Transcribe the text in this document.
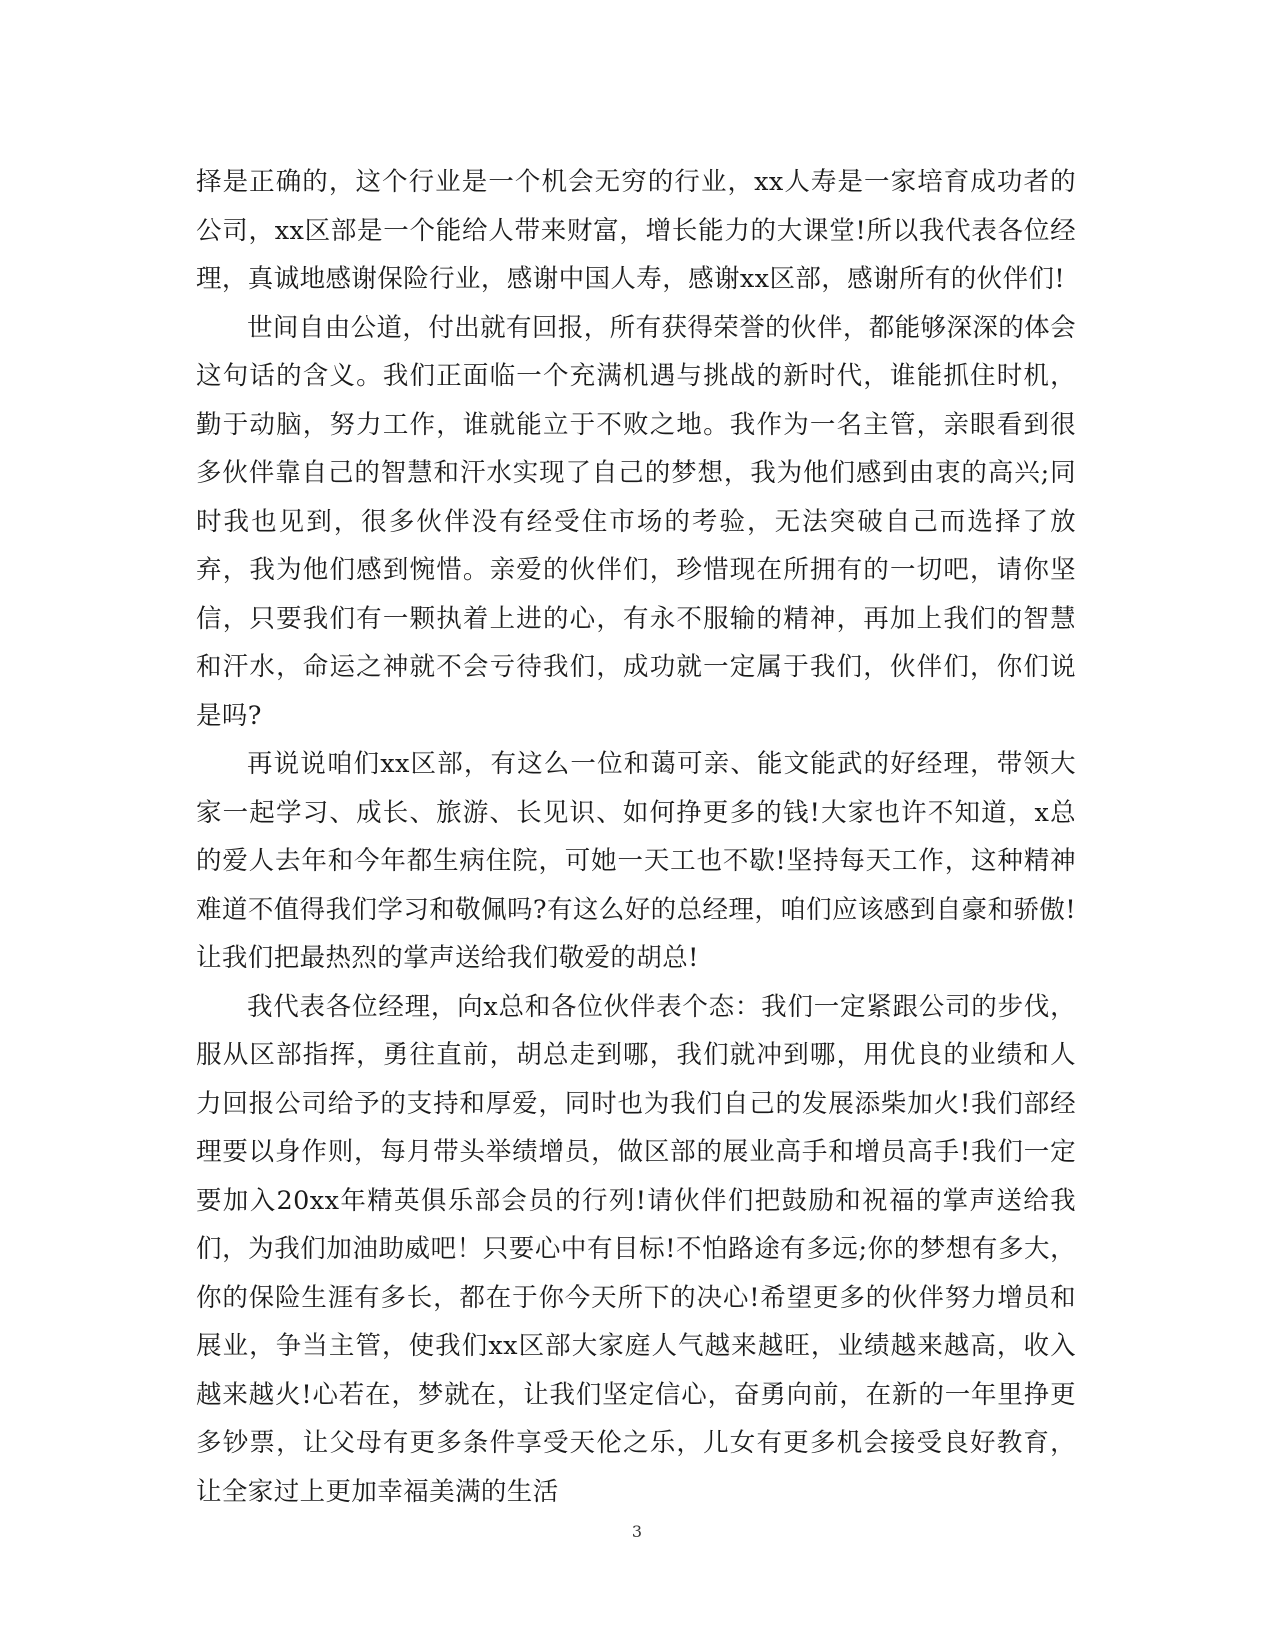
择是正确的，这个行业是一个机会无穷的行业，xx人寿是一家培育成功者的公司，xx区部是一个能给人带来财富，增长能力的大课堂!所以我代表各位经理，真诚地感谢保险行业，感谢中国人寿，感谢xx区部，感谢所有的伙伴们!

世间自由公道，付出就有回报，所有获得荣誉的伙伴，都能够深深的体会这句话的含义。我们正面临一个充满机遇与挑战的新时代，谁能抓住时机，勤于动脑，努力工作，谁就能立于不败之地。我作为一名主管，亲眼看到很多伙伴靠自己的智慧和汗水实现了自己的梦想，我为他们感到由衷的高兴;同时我也见到，很多伙伴没有经受住市场的考验，无法突破自己而选择了放弃，我为他们感到惋惜。亲爱的伙伴们，珍惜现在所拥有的一切吧，请你坚信，只要我们有一颗执着上进的心，有永不服输的精神，再加上我们的智慧和汗水，命运之神就不会亏待我们，成功就一定属于我们，伙伴们，你们说是吗?

再说说咱们xx区部，有这么一位和蔼可亲、能文能武的好经理，带领大家一起学习、成长、旅游、长见识、如何挣更多的钱!大家也许不知道，x总的爱人去年和今年都生病住院，可她一天工也不歇!坚持每天工作，这种精神难道不值得我们学习和敬佩吗?有这么好的总经理，咱们应该感到自豪和骄傲!让我们把最热烈的掌声送给我们敬爱的胡总!

我代表各位经理，向x总和各位伙伴表个态：我们一定紧跟公司的步伐，服从区部指挥，勇往直前，胡总走到哪，我们就冲到哪，用优良的业绩和人力回报公司给予的支持和厚爱，同时也为我们自己的发展添柴加火!我们部经理要以身作则，每月带头举绩增员，做区部的展业高手和增员高手!我们一定要加入20xx年精英俱乐部会员的行列!请伙伴们把鼓励和祝福的掌声送给我们，为我们加油助威吧！只要心中有目标!不怕路途有多远;你的梦想有多大，你的保险生涯有多长，都在于你今天所下的决心!希望更多的伙伴努力增员和展业，争当主管，使我们xx区部大家庭人气越来越旺，业绩越来越高，收入越来越火!心若在，梦就在，让我们坚定信心，奋勇向前，在新的一年里挣更多钞票，让父母有更多条件享受天伦之乐，儿女有更多机会接受良好教育，让全家过上更加幸福美满的生活

3
